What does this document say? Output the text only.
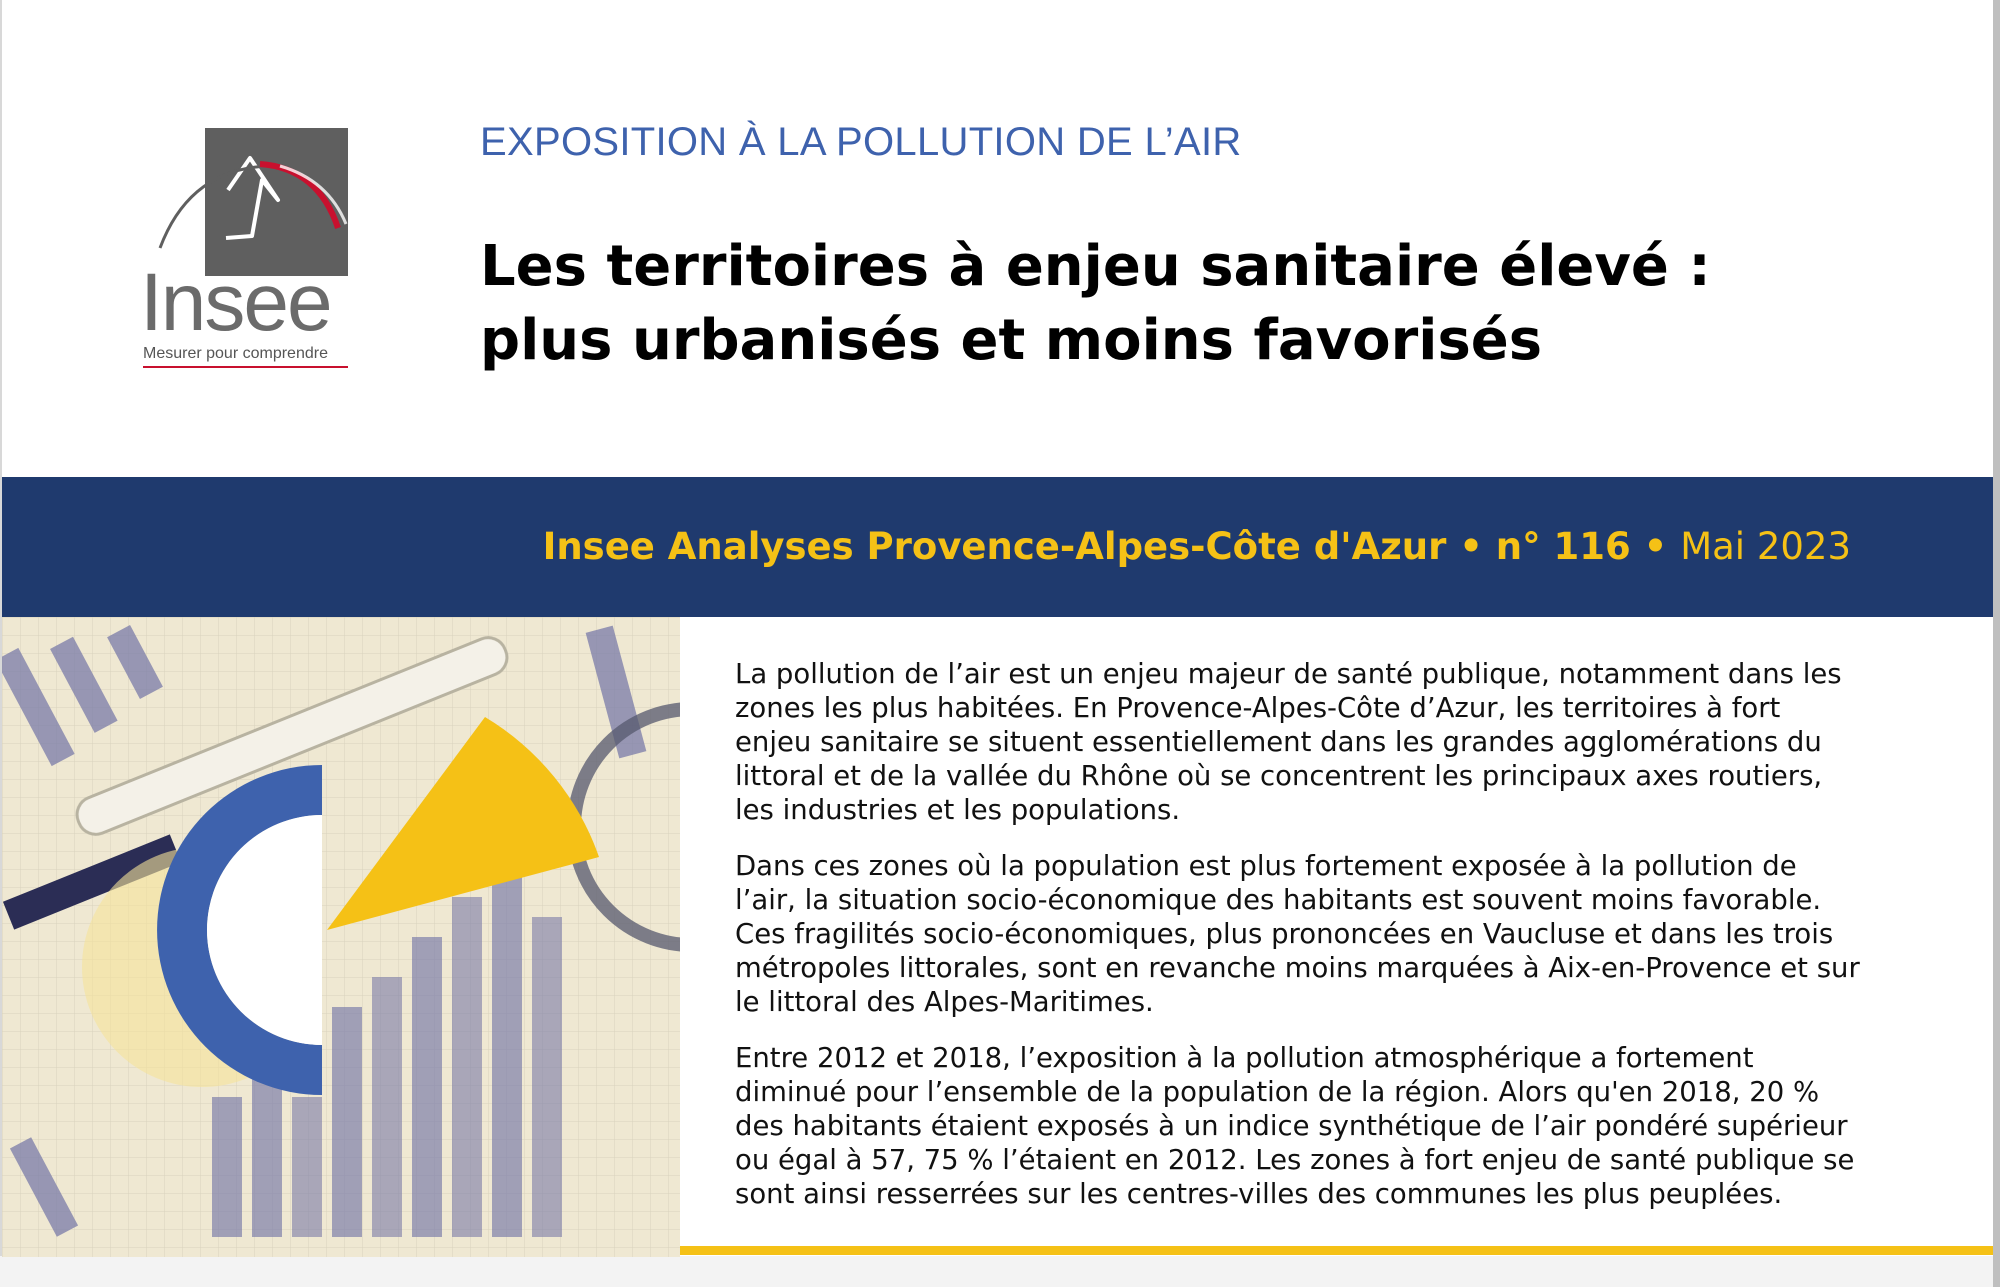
Insee
Mesurer pour comprendre
EXPOSITION À LA POLLUTION DE L’AIR
Les territoires à enjeu sanitaire élevé :
plus urbanisés et moins favorisés
Insee Analyses Provence-Alpes-Côte d'Azur • n° 116 • Mai 2023

La pollution de l’air est un enjeu majeur de santé publique, notamment dans les zones les plus habitées. En Provence-Alpes-Côte d’Azur, les territoires à fort enjeu sanitaire se situent essentiellement dans les grandes agglomérations du littoral et de la vallée du Rhône où se concentrent les principaux axes routiers, les industries et les populations.

Dans ces zones où la population est plus fortement exposée à la pollution de l’air, la situation socio-économique des habitants est souvent moins favorable. Ces fragilités socio-économiques, plus prononcées en Vaucluse et dans les trois métropoles littorales, sont en revanche moins marquées à Aix-en-Provence et sur le littoral des Alpes-Maritimes.

Entre 2012 et 2018, l’exposition à la pollution atmosphérique a fortement diminué pour l’ensemble de la population de la région. Alors qu'en 2018, 20 % des habitants étaient exposés à un indice synthétique de l’air pondéré supérieur ou égal à 57, 75 % l’étaient en 2012. Les zones à fort enjeu de santé publique se sont ainsi resserrées sur les centres-villes des communes les plus peuplées.
